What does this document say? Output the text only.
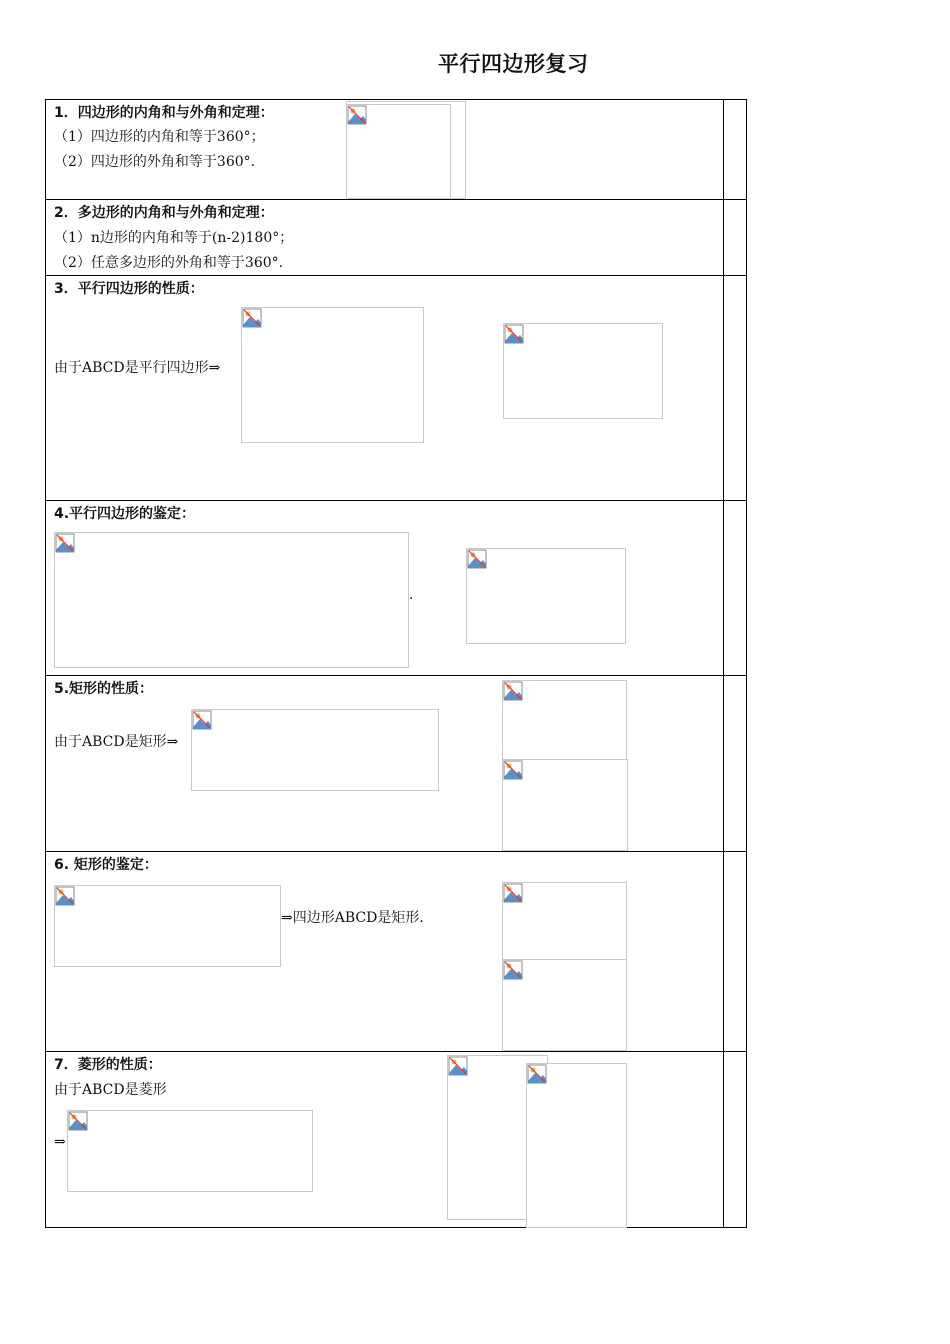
平行四边形复习
1．四边形的内角和与外角和定理：
（1）四边形的内角和等于360°；
（2）四边形的外角和等于360°.
2．多边形的内角和与外角和定理：
（1）n边形的内角和等于(n-2)180°；
（2）任意多边形的外角和等于360°.
3．平行四边形的性质：
由于ABCD是平行四边形⇒
4.平行四边形的鉴定：
.
5.矩形的性质：
由于ABCD是矩形⇒
6. 矩形的鉴定：
⇒四边形ABCD是矩形.
7．菱形的性质：
由于ABCD是菱形
⇒
